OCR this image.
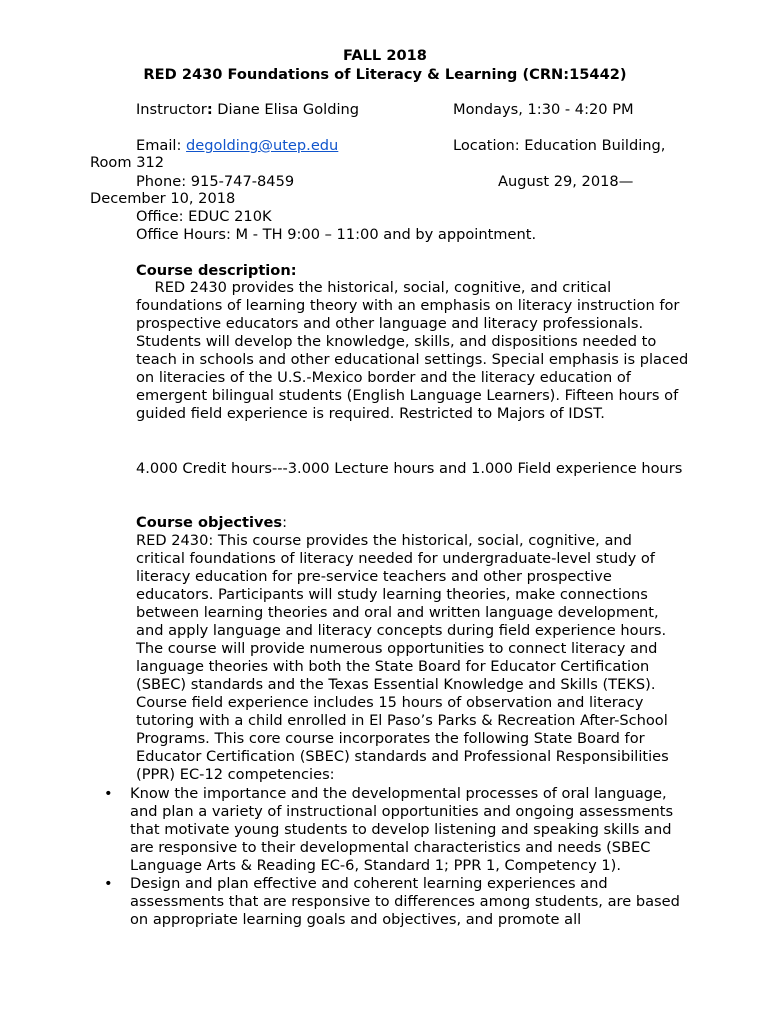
FALL 2018
RED 2430 Foundations of Literacy & Learning (CRN:15442)
Instructor: Diane Elisa Golding	Mondays, 1:30 - 4:20 PM
Email: degolding@utep.edu	Location: Education Building,
Room 312
Phone: 915-747-8459	August 29, 2018—
December 10, 2018
Office: EDUC 210K
Office Hours: M - TH 9:00 – 11:00 and by appointment.
Course description:
RED 2430 provides the historical, social, cognitive, and critical foundations of learning theory with an emphasis on literacy instruction for prospective educators and other language and literacy professionals. Students will develop the knowledge, skills, and dispositions needed to teach in schools and other educational settings. Special emphasis is placed on literacies of the U.S.-Mexico border and the literacy education of emergent bilingual students (English Language Learners). Fifteen hours of guided field experience is required. Restricted to Majors of IDST.
4.000 Credit hours---3.000 Lecture hours and 1.000 Field experience hours
Course objectives:
RED 2430: This course provides the historical, social, cognitive, and critical foundations of literacy needed for undergraduate-level study of literacy education for pre-service teachers and other prospective educators. Participants will study learning theories, make connections between learning theories and oral and written language development, and apply language and literacy concepts during field experience hours. The course will provide numerous opportunities to connect literacy and language theories with both the State Board for Educator Certification (SBEC) standards and the Texas Essential Knowledge and Skills (TEKS). Course field experience includes 15 hours of observation and literacy tutoring with a child enrolled in El Paso’s Parks & Recreation After-School Programs. This core course incorporates the following State Board for Educator Certification (SBEC) standards and Professional Responsibilities (PPR) EC-12 competencies:
• Know the importance and the developmental processes of oral language, and plan a variety of instructional opportunities and ongoing assessments that motivate young students to develop listening and speaking skills and are responsive to their developmental characteristics and needs (SBEC Language Arts & Reading EC-6, Standard 1; PPR 1, Competency 1).
• Design and plan effective and coherent learning experiences and assessments that are responsive to differences among students, are based on appropriate learning goals and objectives, and promote all
